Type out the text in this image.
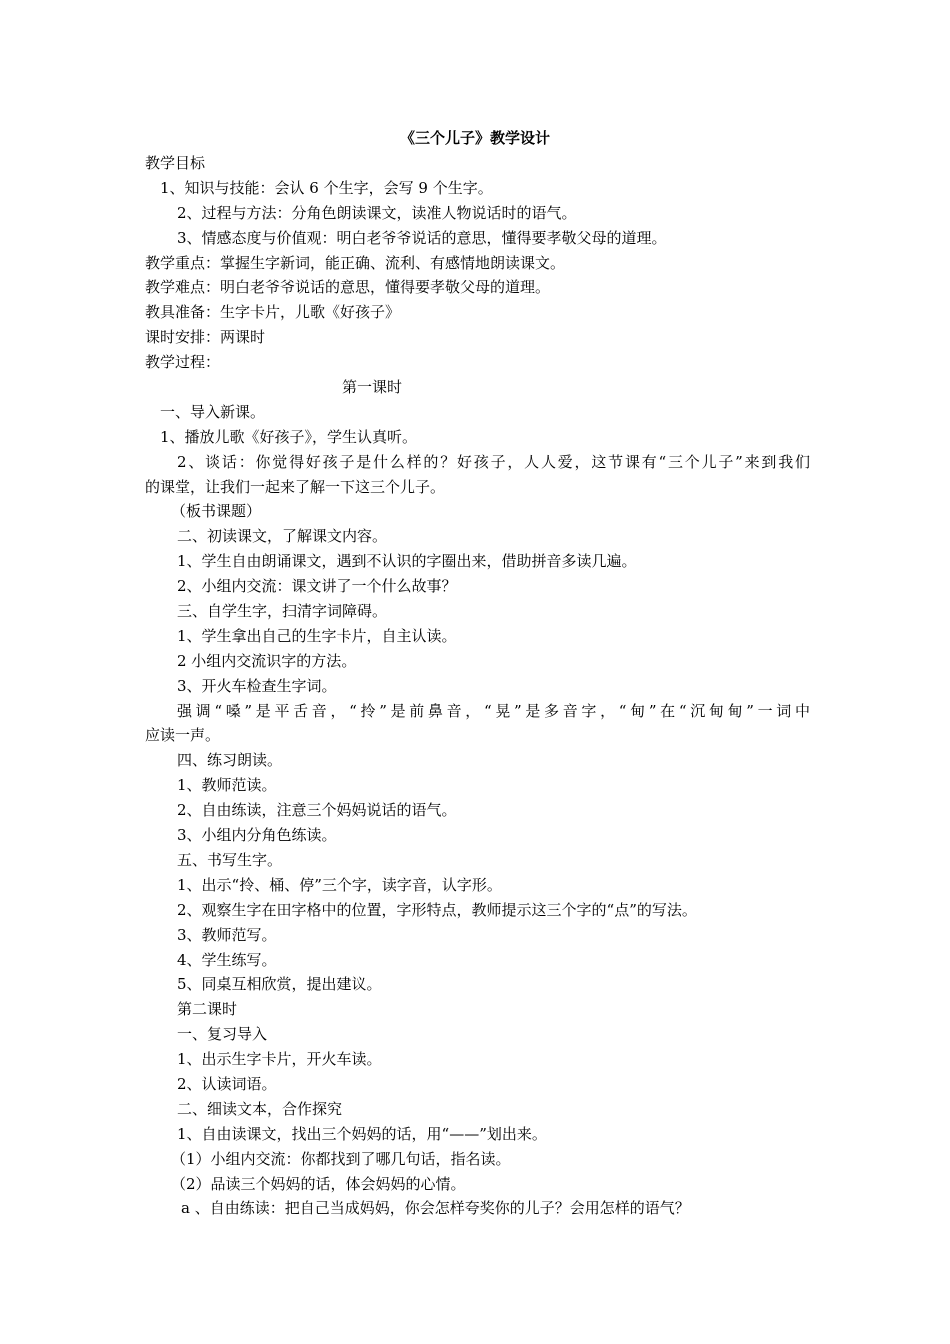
《三个儿子》教学设计
教学目标
1、知识与技能：会认 6 个生字，会写 9 个生字。
2、过程与方法：分角色朗读课文，读准人物说话时的语气。
3、情感态度与价值观：明白老爷爷说话的意思，懂得要孝敬父母的道理。
教学重点：掌握生字新词，能正确、流利、有感情地朗读课文。
教学难点：明白老爷爷说话的意思，懂得要孝敬父母的道理。
教具准备：生字卡片，儿歌《好孩子》
课时安排：两课时
教学过程：
第一课时
一、导入新课。
1、播放儿歌《好孩子》，学生认真听。
2、谈话：你觉得好孩子是什么样的？好孩子，人人爱，这节课有“三个儿子”来到我们
的课堂，让我们一起来了解一下这三个儿子。
（板书课题）
二、初读课文，了解课文内容。
1、学生自由朗诵课文，遇到不认识的字圈出来，借助拼音多读几遍。
2、小组内交流：课文讲了一个什么故事？
三、自学生字，扫清字词障碍。
1、学生拿出自己的生字卡片，自主认读。
2 小组内交流识字的方法。
3、开火车检查生字词。
强调“嗓”是平舌音，“拎”是前鼻音，“晃”是多音字，“甸”在“沉甸甸”一词中
应读一声。
四、练习朗读。
1、教师范读。
2、自由练读，注意三个妈妈说话的语气。
3、小组内分角色练读。
五、书写生字。
1、出示“拎、桶、停”三个字，读字音，认字形。
2、观察生字在田字格中的位置，字形特点，教师提示这三个字的“点”的写法。
3、教师范写。
4、学生练写。
5、同桌互相欣赏，提出建议。
第二课时
一、复习导入
1、出示生字卡片，开火车读。
2、认读词语。
二、细读文本，合作探究
1、自由读课文，找出三个妈妈的话，用“——”划出来。
（1）小组内交流：你都找到了哪几句话，指名读。
（2）品读三个妈妈的话，体会妈妈的心情。
a 、自由练读：把自己当成妈妈，你会怎样夸奖你的儿子？会用怎样的语气？
